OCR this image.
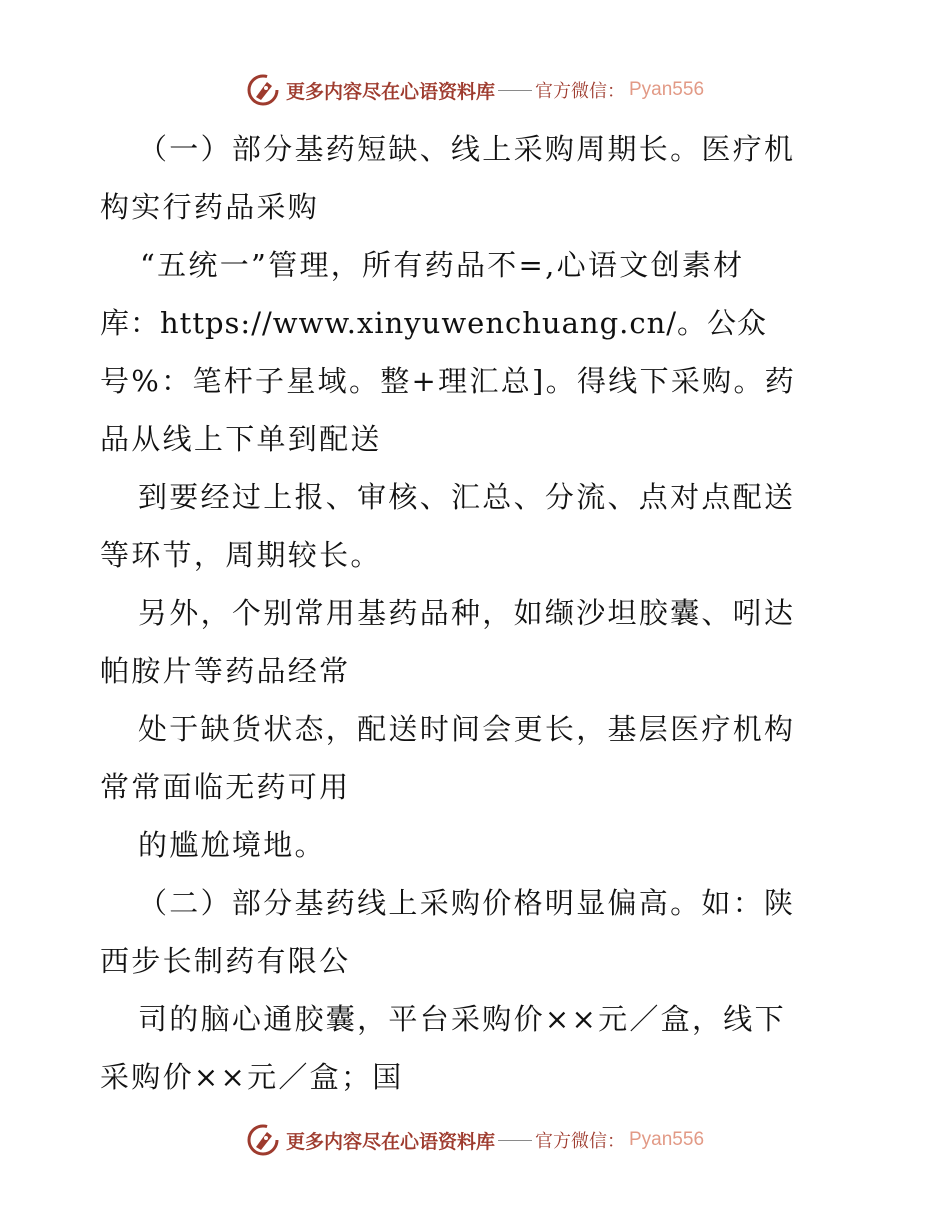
更多内容尽在心语资料库 官方微信： Pyan556
（一）部分基药短缺、线上采购周期长。医疗机
构实行药品采购
“五统一”管理，所有药品不=,心语文创素材
库：https://www.xinyuwenchuang.cn/。公众
号%：笔杆子星域。整+理汇总]。得线下采购。药
品从线上下单到配送
到要经过上报、审核、汇总、分流、点对点配送
等环节，周期较长。
另外，个别常用基药品种，如缬沙坦胶囊、吲达
帕胺片等药品经常
处于缺货状态，配送时间会更长，基层医疗机构
常常面临无药可用
的尴尬境地。
（二）部分基药线上采购价格明显偏高。如：陕
西步长制药有限公
司的脑心通胶囊，平台采购价××元／盒，线下
采购价××元／盒；国
更多内容尽在心语资料库 官方微信： Pyan556
